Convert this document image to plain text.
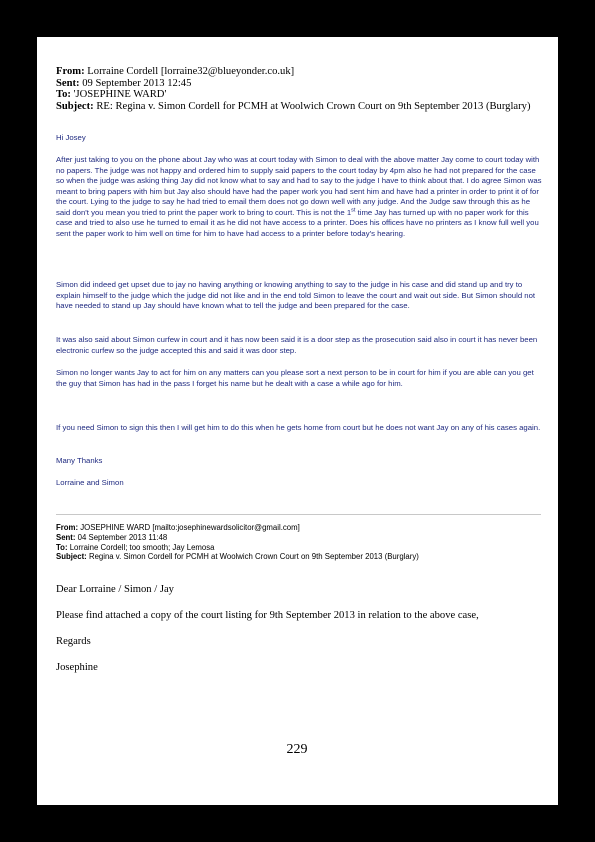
From: Lorraine Cordell [lorraine32@blueyonder.co.uk]
Sent: 09 September 2013 12:45
To: 'JOSEPHINE WARD'
Subject: RE: Regina v. Simon Cordell for PCMH at Woolwich Crown Court on 9th September 2013 (Burglary)

Hi Josey

After just taking to you on the phone about Jay who was at court today with Simon to deal with the above matter Jay come to court today with no papers. The judge was not happy and ordered him to supply said papers to the court today by 4pm also he had not prepared for the case so when the judge was asking thing Jay did not know what to say and had to say to the judge I have to think about that. I do agree Simon was meant to bring papers with him but Jay also should have had the paper work you had sent him and have had a printer in order to print it of for the court. Lying to the judge to say he had tried to email them does not go down well with any judge. And the Judge saw through this as he said don't you mean you tried to print the paper work to bring to court. This is not the 1st time Jay has turned up with no paper work for this case and tried to also use he turned to email it as he did not have access to a printer. Does his offices have no printers as I know full well you sent the paper work to him well on time for him to have had access to a printer before today's hearing.

Simon did indeed get upset due to jay no having anything or knowing anything to say to the judge in his case and did stand up and try to explain himself to the judge which the judge did not like and in the end told Simon to leave the court and wait out side. But Simon should not have needed to stand up Jay should have known what to tell the judge and been prepared for the case.

It was also said about Simon curfew in court and it has now been said it is a door step as the prosecution said also in court it has never been electronic curfew so the judge accepted this and said it was door step.

Simon no longer wants Jay to act for him on any matters can you please sort a next person to be in court for him if you are able can you get the guy that Simon has had in the pass I forget his name but he dealt with a case a while ago for him.

If you need Simon to sign this then I will get him to do this when he gets home from court but he does not want Jay on any of his cases again.

Many Thanks

Lorraine and Simon

From: JOSEPHINE WARD [mailto:josephinewardsolicitor@gmail.com]
Sent: 04 September 2013 11:48
To: Lorraine Cordell; too smooth; Jay Lemosa
Subject: Regina v. Simon Cordell for PCMH at Woolwich Crown Court on 9th September 2013 (Burglary)
Dear Lorraine / Simon / Jay
Please find attached a copy of the court listing for 9th September 2013 in relation to the above case,
Regards
Josephine
229
